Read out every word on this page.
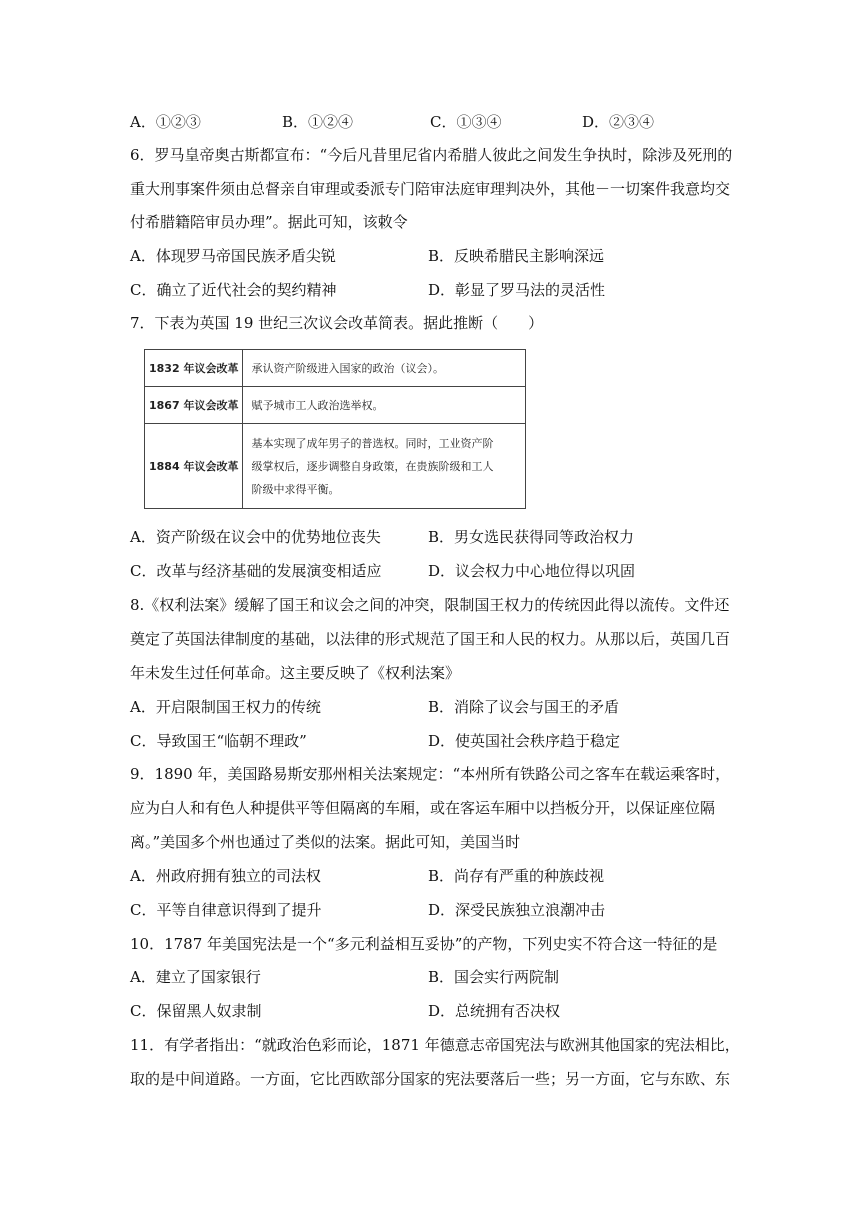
A．①②③	B．①②④	C．①③④	D．②③④
6．罗马皇帝奥古斯都宣布：“今后凡昔里尼省内希腊人彼此之间发生争执时，除涉及死刑的
重大刑事案件须由总督亲自审理或委派专门陪审法庭审理判决外，其他－一切案件我意均交
付希腊籍陪审员办理”。据此可知，该敕令
A．体现罗马帝国民族矛盾尖锐	B．反映希腊民主影响深远
C．确立了近代社会的契约精神	D．彰显了罗马法的灵活性
7．下表为英国 19 世纪三次议会改革简表。据此推断（　　）
1832 年议会改革	承认资产阶级进入国家的政治（议会）。

1867 年议会改革	赋予城市工人政治选举权。

1884 年议会改革	基本实现了成年男子的普选权。同时，工业资产阶
级掌权后，逐步调整自身政策，在贵族阶级和工人
阶级中求得平衡。
A．资产阶级在议会中的优势地位丧失	B．男女选民获得同等政治权力
C．改革与经济基础的发展演变相适应	D．议会权力中心地位得以巩固
8.《权利法案》缓解了国王和议会之间的冲突，限制国王权力的传统因此得以流传。文件还
奠定了英国法律制度的基础，以法律的形式规范了国王和人民的权力。从那以后，英国几百
年未发生过任何革命。这主要反映了《权利法案》
A．开启限制国王权力的传统	B．消除了议会与国王的矛盾
C．导致国王“临朝不理政”	D．使英国社会秩序趋于稳定
9．1890 年，美国路易斯安那州相关法案规定：“本州所有铁路公司之客车在载运乘客时，
应为白人和有色人种提供平等但隔离的车厢，或在客运车厢中以挡板分开，以保证座位隔
离。”美国多个州也通过了类似的法案。据此可知，美国当时
A．州政府拥有独立的司法权	B．尚存有严重的种族歧视
C．平等自律意识得到了提升	D．深受民族独立浪潮冲击
10．1787 年美国宪法是一个“多元利益相互妥协”的产物，下列史实不符合这一特征的是
A．建立了国家银行	B．国会实行两院制
C．保留黑人奴隶制	D．总统拥有否决权
11．有学者指出：“就政治色彩而论，1871 年德意志帝国宪法与欧洲其他国家的宪法相比，
取的是中间道路。一方面，它比西欧部分国家的宪法要落后一些；另一方面，它与东欧、东
